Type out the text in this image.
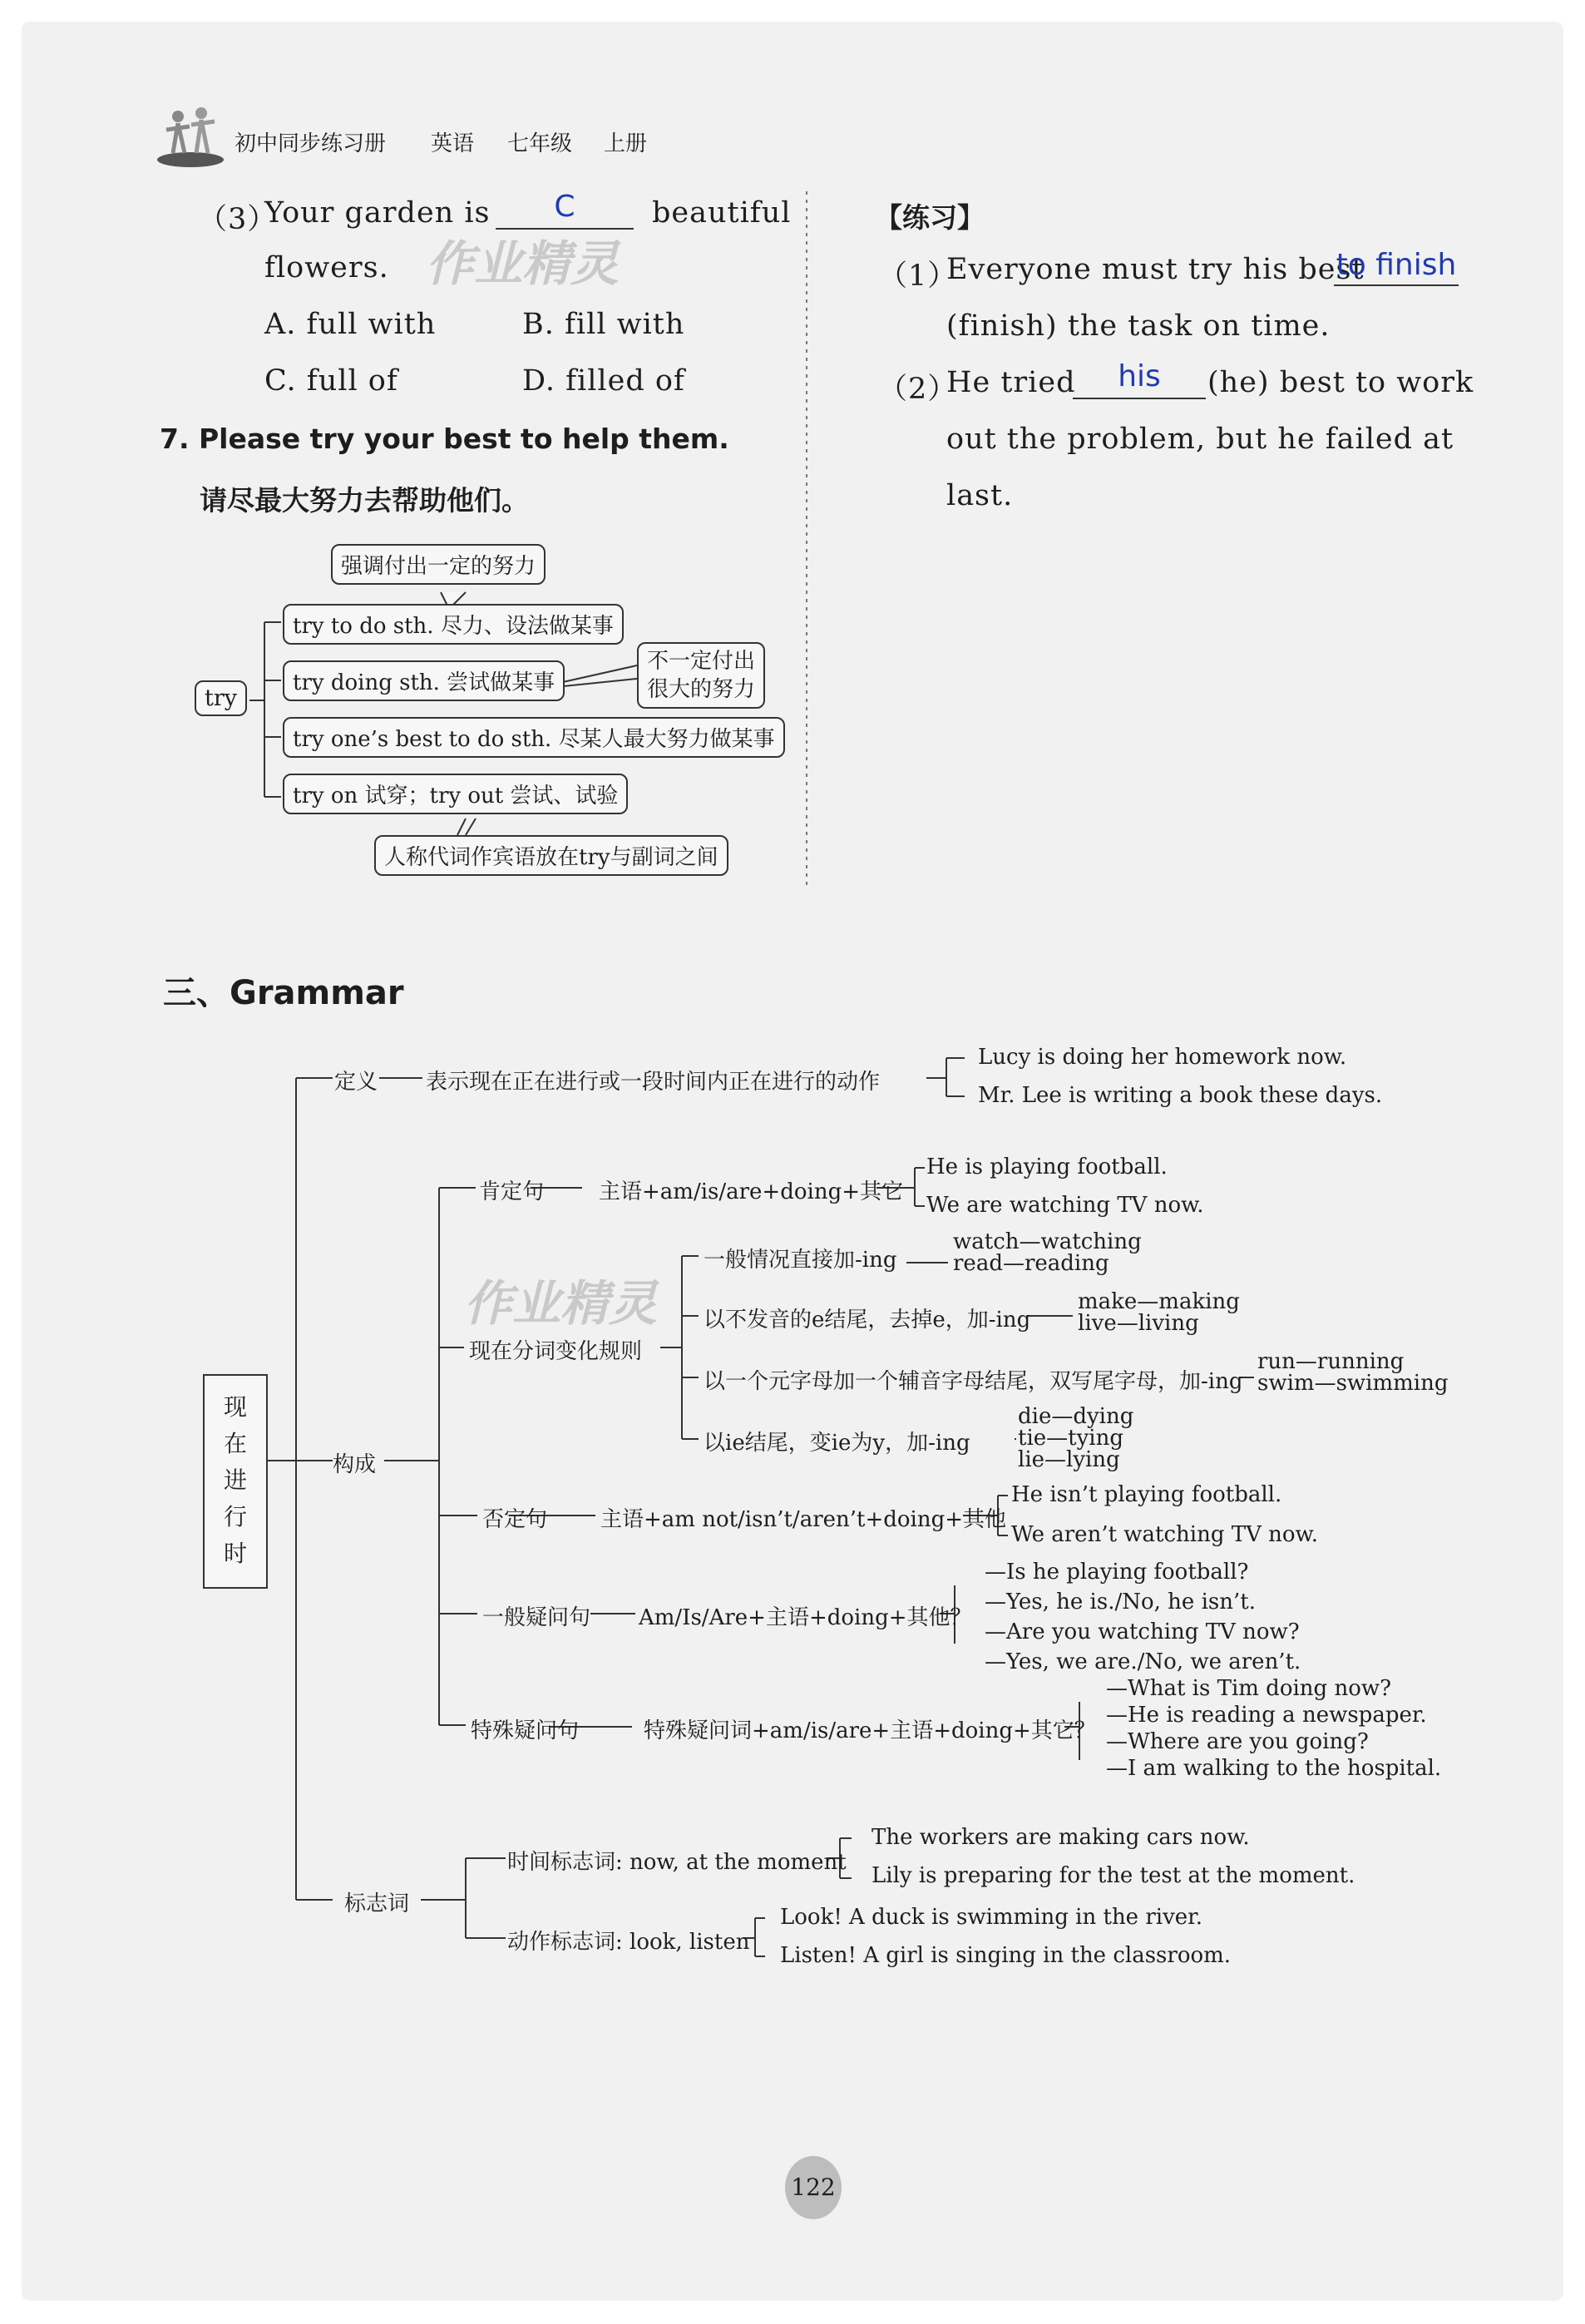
初中同步练习册 英语 七年级 上册
（3）
Your garden is	C	beautiful
flowers.
A. full with	B. fill with
C. full of	D. filled of
作业精灵
7. Please try your best to help them.
请尽最大努力去帮助他们。
try
强调付出一定的努力
try to do sth. 尽力、设法做某事
try doing sth. 尝试做某事
不一定付出
很大的努力
try one’s best to do sth. 尽某人最大努力做某事
try on 试穿；try out 尝试、试验
人称代词作宾语放在try与副词之间
【练习】
（1）
Everyone must try his best
to finish
(finish) the task on time.
（2）
He tried	his	(he) best to work
out the problem, but he failed at
last.
三、Grammar
现
在
进
行
时
定义 表示现在正在进行或一段时间内正在进行的动作
Lucy is doing her homework now.
Mr. Lee is writing a book these days.
构成
肯定句	主语+am/is/are+doing+其它
He is playing football.
We are watching TV now.
作业精灵
现在分词变化规则
一般情况直接加-ing
watch—watching
read—reading
以不发音的e结尾，去掉e，加-ing
make—making
live—living
以一个元字母加一个辅音字母结尾，双写尾字母，加-ing
run—running
swim—swimming
以ie结尾，变ie为y，加-ing
die—dying
tie—tying
lie—lying
否定句 主语+am not/isn’t/aren’t+doing+其他
He isn’t playing football.
We aren’t watching TV now.
一般疑问句 Am/Is/Are+主语+doing+其他？
—Is he playing football?
—Yes, he is./No, he isn’t.
—Are you watching TV now?
—Yes, we are./No, we aren’t.
特殊疑问句	特殊疑问词+am/is/are+主语+doing+其它？
—What is Tim doing now?
—He is reading a newspaper.
—Where are you going?
—I am walking to the hospital.
标志词
时间标志词: now, at the moment
The workers are making cars now.
Lily is preparing for the test at the moment.
动作标志词: look, listen
Look! A duck is swimming in the river.
Listen! A girl is singing in the classroom.
122
